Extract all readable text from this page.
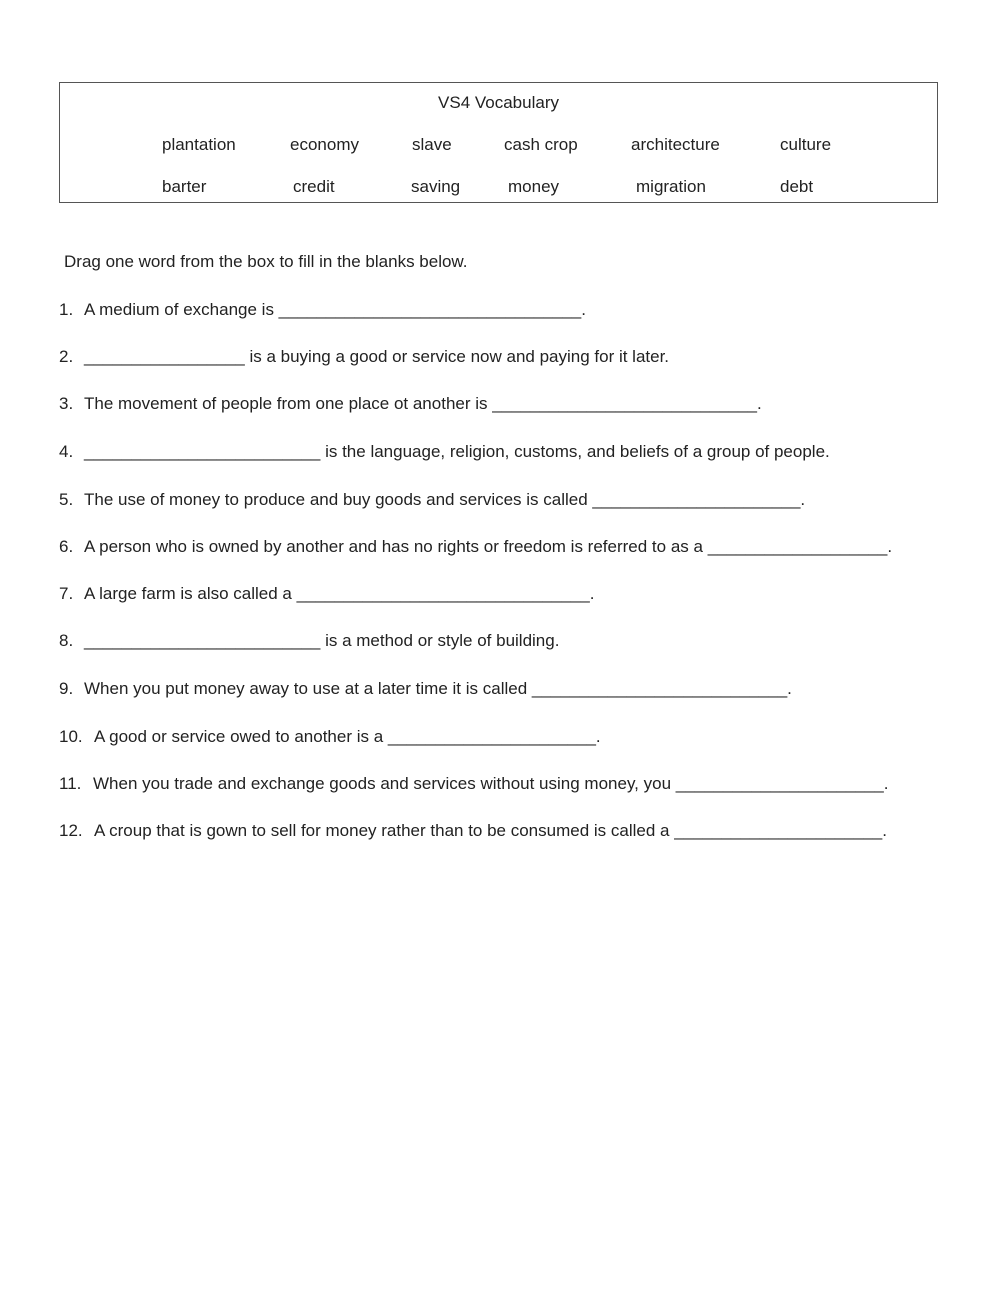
VS4 Vocabulary
plantation	economy	slave	cash crop	architecture	culture
barter	credit	saving	money	migration	debt
Drag one word from the box to fill in the blanks below.
1. A medium of exchange is ________________________________.
2. _________________ is a buying a good or service now and paying for it later.
3. The movement of people from one place ot another is ____________________________.
4. _________________________ is the language, religion, customs, and beliefs of a group of people.
5. The use of money to produce and buy goods and services is called ______________________.
6. A person who is owned by another and has no rights or freedom is referred to as a ___________________.
7. A large farm is also called a _______________________________.
8. _________________________ is a method or style of building.
9. When you put money away to use at a later time it is called ___________________________.
10. A good or service owed to another is a ______________________.
11. When you trade and exchange goods and services without using money, you ______________________.
12. A croup that is gown to sell for money rather than to be consumed is called a ______________________.
